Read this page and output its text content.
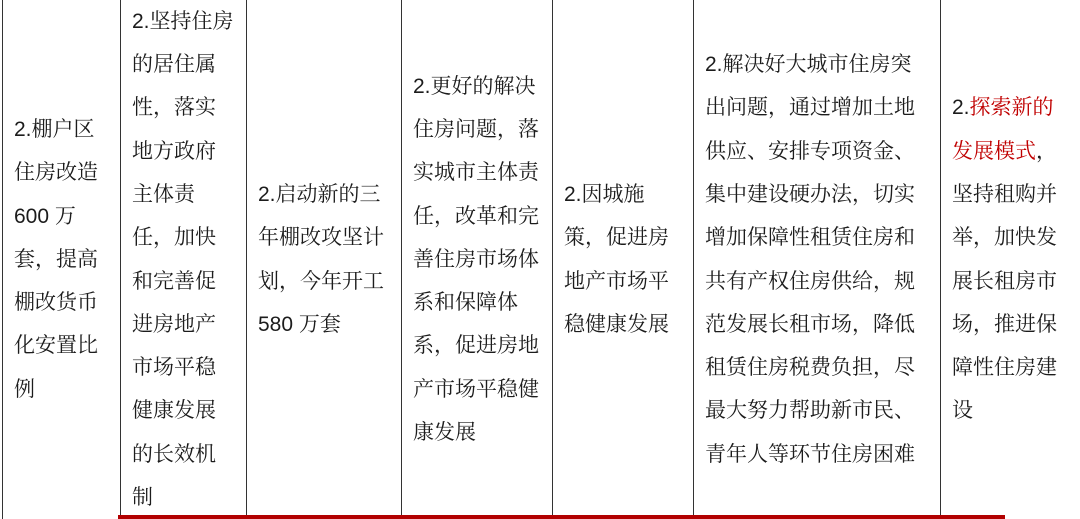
2.棚户区住房改造 600 万套，提高棚改货币化安置比例
2.坚持住房的居住属性，落实地方政府主体责任，加快和完善促进房地产市场平稳健康发展的长效机制
2.启动新的三年棚改攻坚计划，今年开工 580 万套
2.更好的解决住房问题，落实城市主体责任，改革和完善住房市场体系和保障体系，促进房地产市场平稳健康发展
2.因城施策，促进房地产市场平稳健康发展
2.解决好大城市住房突出问题，通过增加土地供应、安排专项资金、集中建设硬办法，切实增加保障性租赁住房和共有产权住房供给，规范发展长租市场，降低租赁住房税费负担，尽最大努力帮助新市民、青年人等环节住房困难
2.探索新的发展模式，坚持租购并举，加快发展长租房市场，推进保障性住房建设
